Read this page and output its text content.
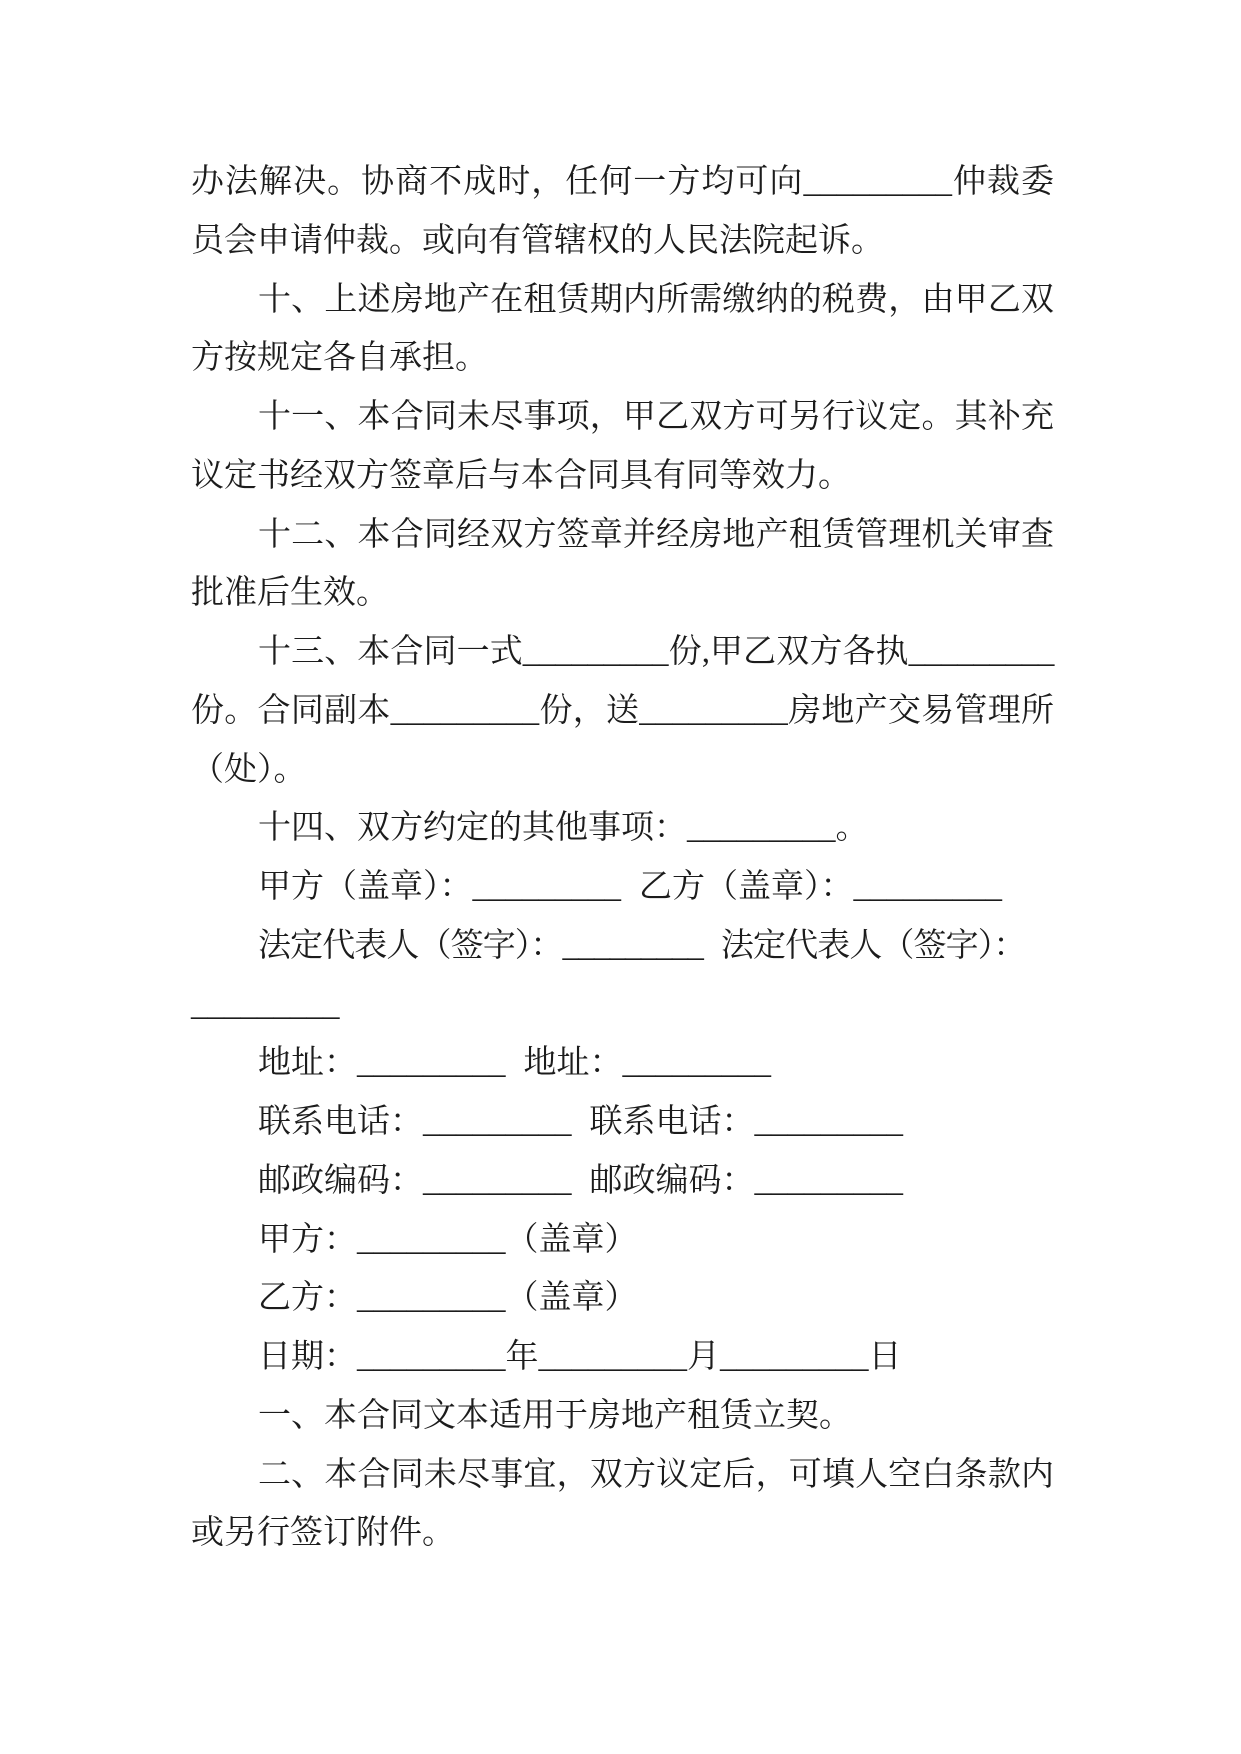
办法解决。协商不成时，任何一方均可向_________仲裁委
员会申请仲裁。或向有管辖权的人民法院起诉。
十、上述房地产在租赁期内所需缴纳的税费，由甲乙双
方按规定各自承担。
十一、本合同未尽事项，甲乙双方可另行议定。其补充
议定书经双方签章后与本合同具有同等效力。
十二、本合同经双方签章并经房地产租赁管理机关审查
批准后生效。
十三、本合同一式_________份,甲乙双方各执_________
份。合同副本_________份，送_________房地产交易管理所
（处）。
十四、双方约定的其他事项：_________。
甲方（盖章）：_________ 乙方（盖章）：_________
法定代表人（签字）：_________ 法定代表人（签字）：
_________
地址：_________ 地址：_________
联系电话：_________ 联系电话：_________
邮政编码：_________ 邮政编码：_________
甲方：_________（盖章）
乙方：_________（盖章）
日期：_________年_________月_________日
一、本合同文本适用于房地产租赁立契。
二、本合同未尽事宜，双方议定后，可填人空白条款内
或另行签订附件。
